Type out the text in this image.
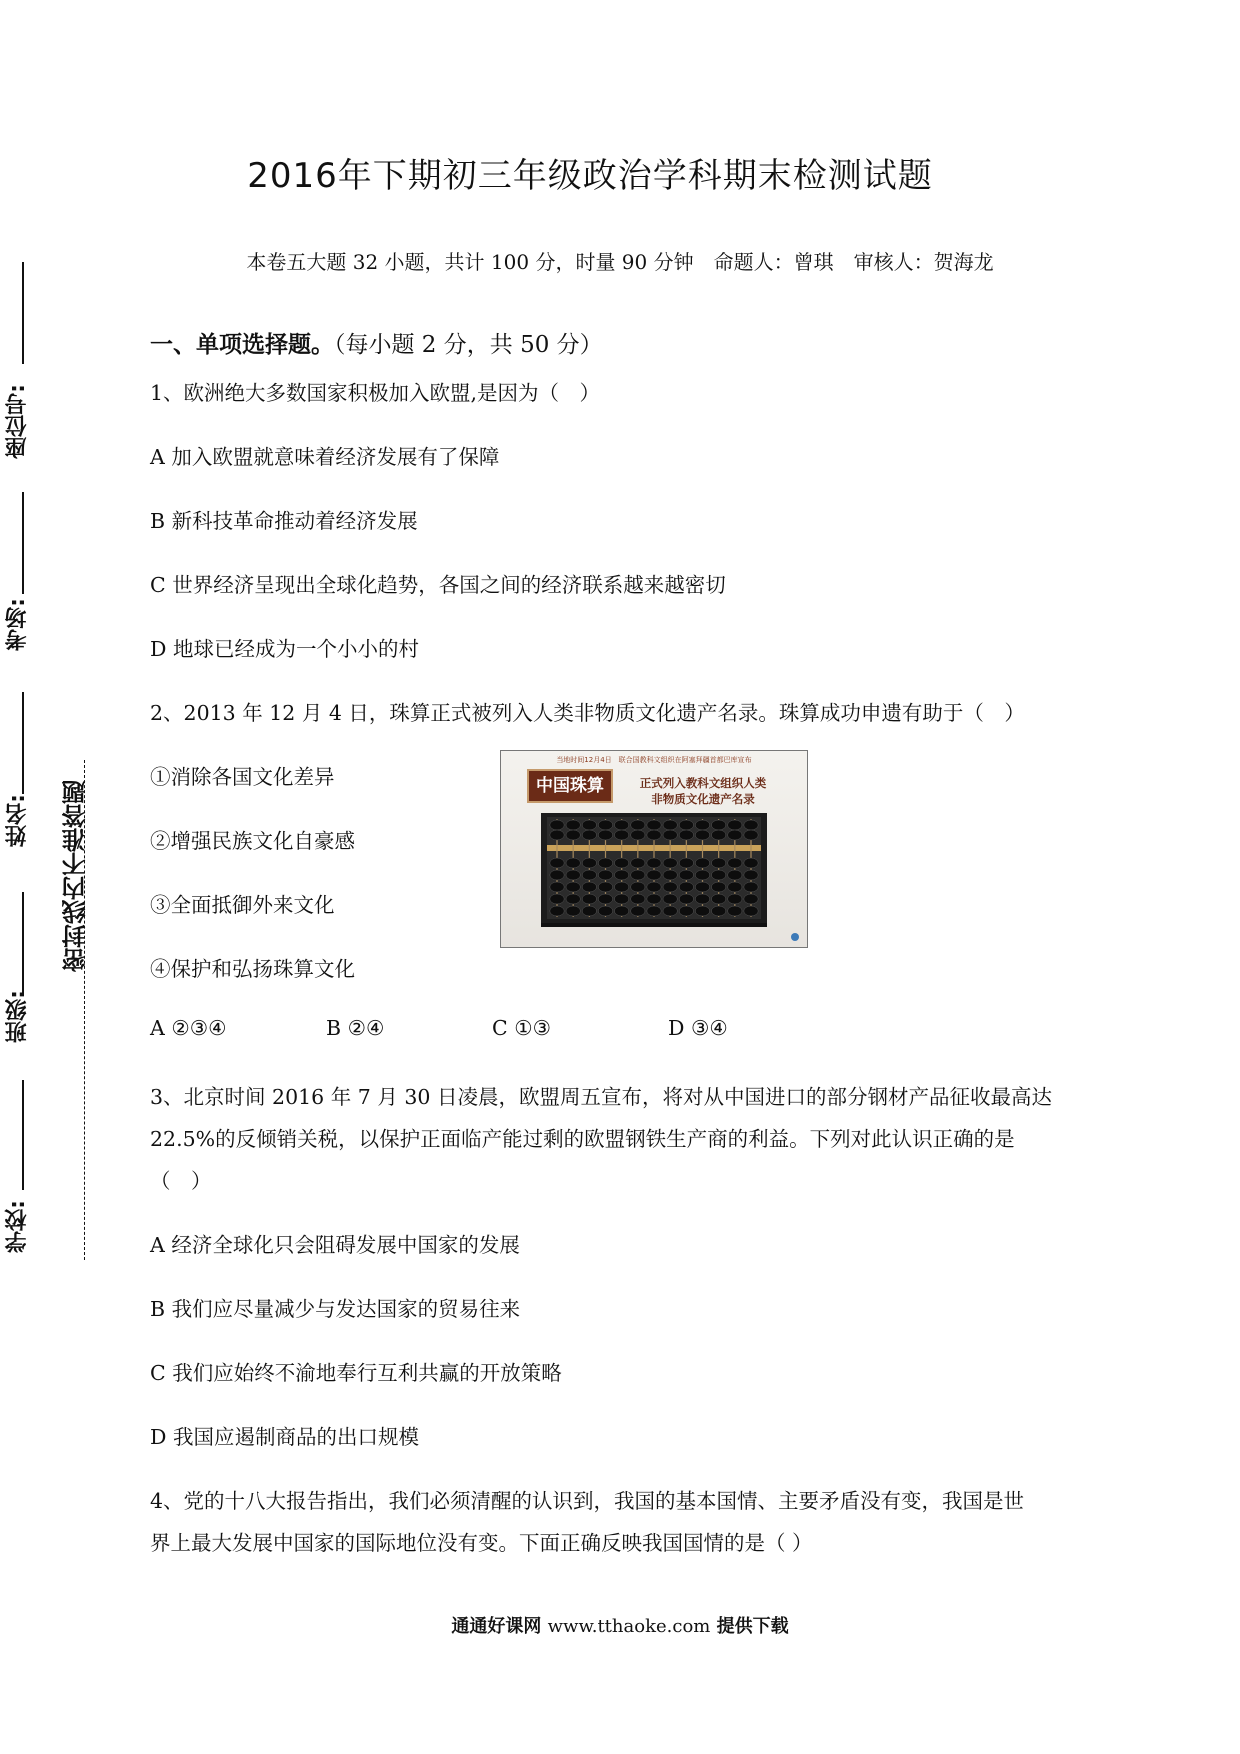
座位号:
考场:
姓名:
班级:
学校:
密封线内不准答题
2016年下期初三年级政治学科期末检测试题
本卷五大题 32 小题，共计 100 分，时量 90 分钟　命题人：曾琪　审核人：贺海龙
一、单项选择题。（每小题 2 分，共 50 分）
1、欧洲绝大多数国家积极加入欧盟,是因为（　）
A 加入欧盟就意味着经济发展有了保障
B 新科技革命推动着经济发展
C 世界经济呈现出全球化趋势，各国之间的经济联系越来越密切
D 地球已经成为一个小小的村
2、2013 年 12 月 4 日，珠算正式被列入人类非物质文化遗产名录。珠算成功申遗有助于（　）
①消除各国文化差异
②增强民族文化自豪感
③全面抵御外来文化
④保护和弘扬珠算文化
A ②③④	B ②④	C ①③	D ③④
当地时间12月4日　联合国教科文组织在阿塞拜疆首都巴库宣布
中国珠算	正式列入教科文组织人类
非物质文化遗产名录
3、北京时间 2016 年 7 月 30 日凌晨，欧盟周五宣布，将对从中国进口的部分钢材产品征收最高达
22.5%的反倾销关税，以保护正面临产能过剩的欧盟钢铁生产商的利益。下列对此认识正确的是
（　）
A 经济全球化只会阻碍发展中国家的发展
B 我们应尽量减少与发达国家的贸易往来
C 我们应始终不渝地奉行互利共赢的开放策略
D 我国应遏制商品的出口规模
4、党的十八大报告指出，我们必须清醒的认识到，我国的基本国情、主要矛盾没有变，我国是世
界上最大发展中国家的国际地位没有变。下面正确反映我国国情的是（ ）
通通好课网 www.tthaoke.com 提供下载
